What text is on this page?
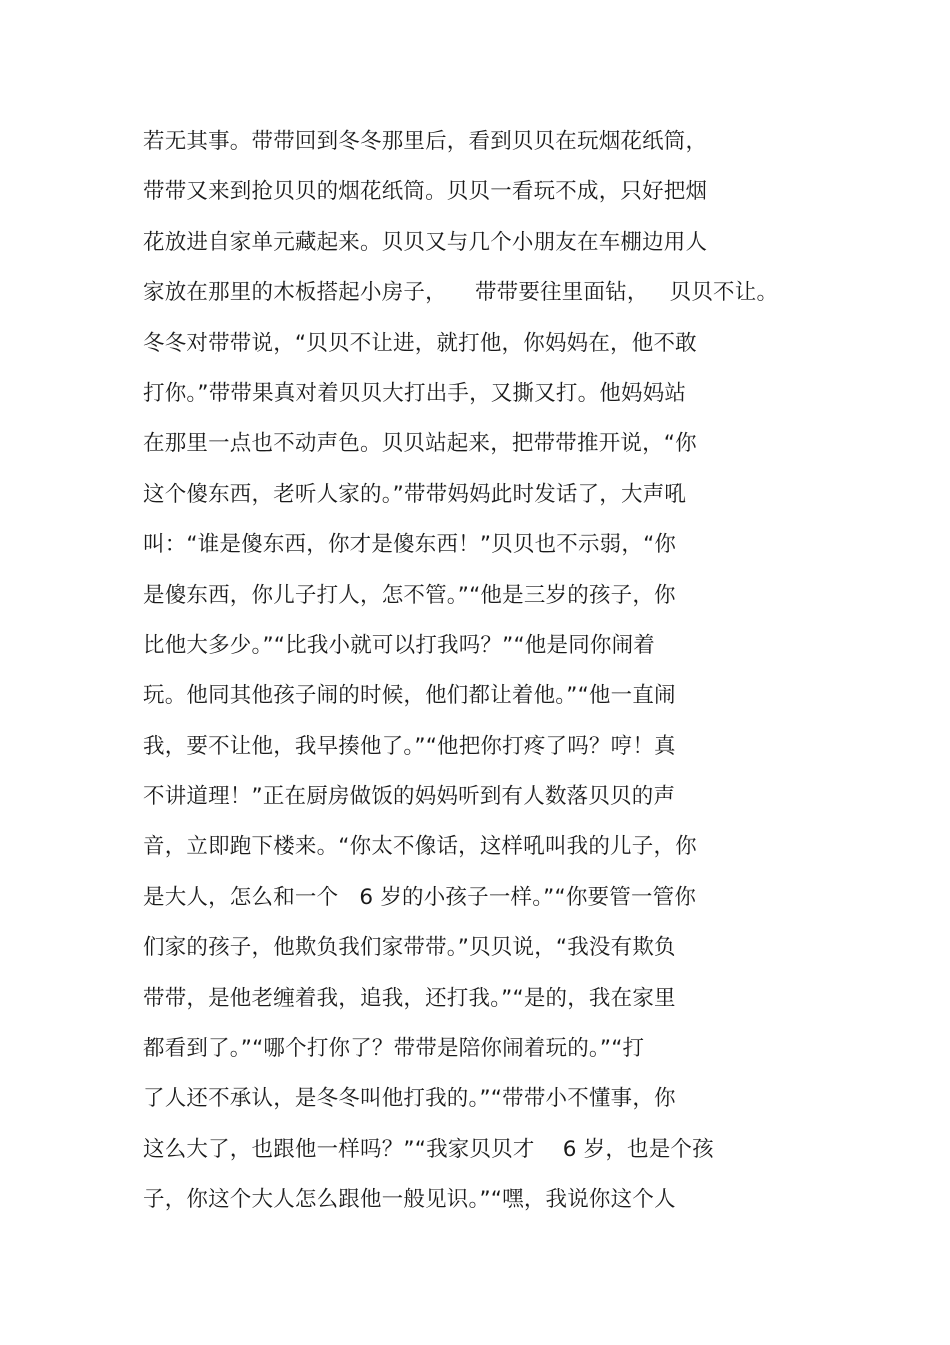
若无其事。带带回到冬冬那里后，看到贝贝在玩烟花纸筒，
带带又来到抢贝贝的烟花纸筒。贝贝一看玩不成，只好把烟
花放进自家单元藏起来。贝贝又与几个小朋友在车棚边用人
家放在那里的木板搭起小房子，    带带要往里面钻，   贝贝不让。
冬冬对带带说，“贝贝不让进，就打他，你妈妈在，他不敢
打你。”带带果真对着贝贝大打出手，又撕又打。他妈妈站
在那里一点也不动声色。贝贝站起来，把带带推开说，“你
这个傻东西，老听人家的。”带带妈妈此时发话了，大声吼
叫：“谁是傻东西，你才是傻东西！”贝贝也不示弱，“你
是傻东西，你儿子打人，怎不管。”“他是三岁的孩子，你
比他大多少。”“比我小就可以打我吗？”“他是同你闹着
玩。他同其他孩子闹的时候，他们都让着他。”“他一直闹
我，要不让他，我早揍他了。”“他把你打疼了吗？哼！真
不讲道理！”正在厨房做饭的妈妈听到有人数落贝贝的声
音，立即跑下楼来。“你太不像话，这样吼叫我的儿子，你
是大人，怎么和一个   6 岁的小孩子一样。”“你要管一管你
们家的孩子，他欺负我们家带带。”贝贝说，“我没有欺负
带带，是他老缠着我，追我，还打我。”“是的，我在家里
都看到了。”“哪个打你了？带带是陪你闹着玩的。”“打
了人还不承认，是冬冬叫他打我的。”“带带小不懂事，你
这么大了，也跟他一样吗？”“我家贝贝才    6 岁，也是个孩
子，你这个大人怎么跟他一般见识。”“嘿，我说你这个人
